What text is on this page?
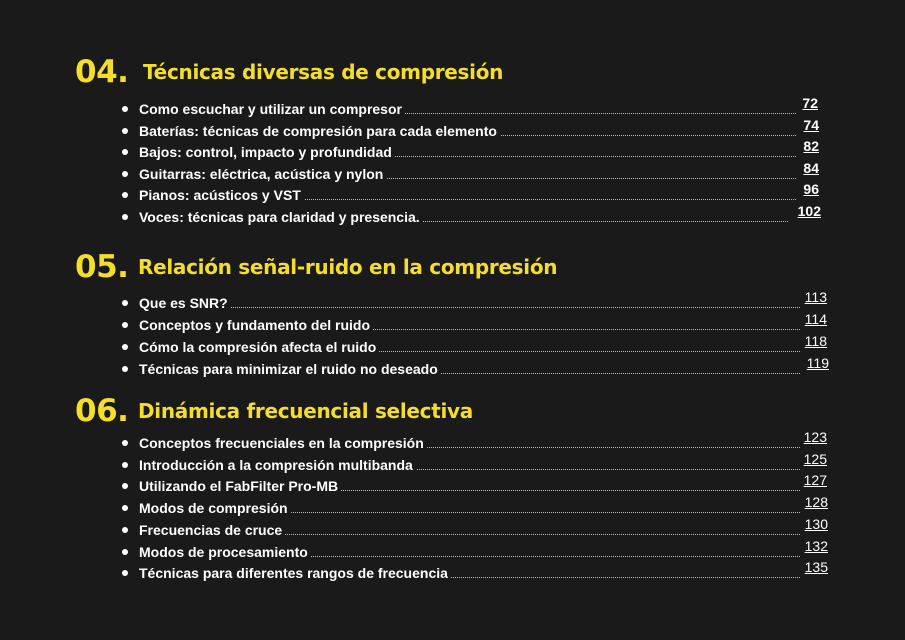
04. Técnicas diversas de compresión
Como escuchar y utilizar un compresor	72
Baterías: técnicas de compresión para cada elemento	74
Bajos: control, impacto y profundidad	82
Guitarras: eléctrica, acústica y nylon	84
Pianos: acústicos y VST	96
Voces: técnicas para claridad y presencia.	102
05. Relación señal-ruido en la compresión
Que es SNR?	113
Conceptos y fundamento del ruido	114
Cómo la compresión afecta el ruido	118
Técnicas para minimizar el ruido no deseado	119
06. Dinámica frecuencial selectiva
Conceptos frecuenciales en la compresión	123
Introducción a la compresión multibanda	125
Utilizando el FabFilter Pro-MB	127
Modos de compresión	128
Frecuencias de cruce	130
Modos de procesamiento	132
Técnicas para diferentes rangos de frecuencia	135
